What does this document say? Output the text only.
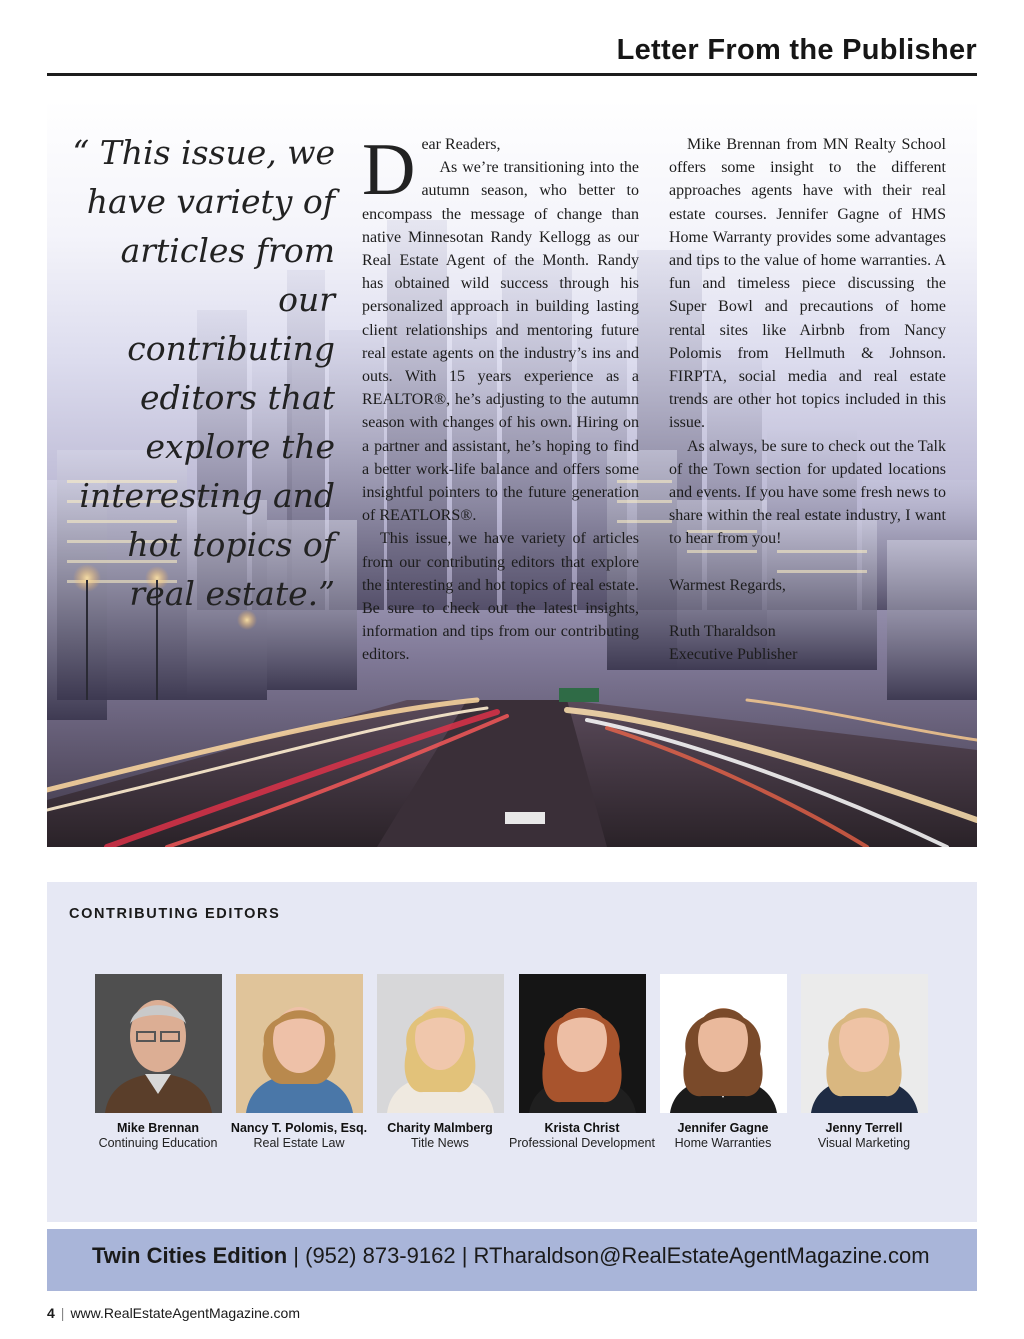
Letter From the Publisher
“ This issue, we have variety of articles from our contributing editors that explore the interesting and hot topics of real estate.”

Dear Readers,

As we’re transitioning into the autumn season, who better to encompass the message of change than native Minnesotan Randy Kellogg as our Real Estate Agent of the Month. Randy has obtained wild success through his personalized approach in building lasting client relationships and mentoring future real estate agents on the industry’s ins and outs. With 15 years experience as a REALTOR®, he’s adjusting to the autumn season with changes of his own. Hiring on a partner and assistant, he’s hoping to find a better work-life balance and offers some insightful pointers to the future generation of REATLORS®.

This issue, we have variety of articles from our contributing editors that explore the interesting and hot topics of real estate. Be sure to check out the latest insights, information and tips from our contributing editors.

Mike Brennan from MN Realty School offers some insight to the different approaches agents have with their real estate courses. Jennifer Gagne of HMS Home Warranty provides some advantages and tips to the value of home warranties. A fun and timeless piece discussing the Super Bowl and precautions of home rental sites like Airbnb from Nancy Polomis from Hellmuth & Johnson. FIRPTA, social media and real estate trends are other hot topics included in this issue.

As always, be sure to check out the Talk of the Town section for updated locations and events. If you have some fresh news to share within the real estate industry, I want to hear from you!

Warmest Regards,

Ruth Tharaldson

Executive Publisher

CONTRIBUTING EDITORS
Mike Brennan
Continuing Education
Nancy T. Polomis, Esq.
Real Estate Law
Charity Malmberg
Title News
Krista Christ
Professional Development
Jennifer Gagne
Home Warranties
Jenny Terrell
Visual Marketing
Twin Cities Edition | (952) 873-9162 | RTharaldson@RealEstateAgentMagazine.com
4 | www.RealEstateAgentMagazine.com
